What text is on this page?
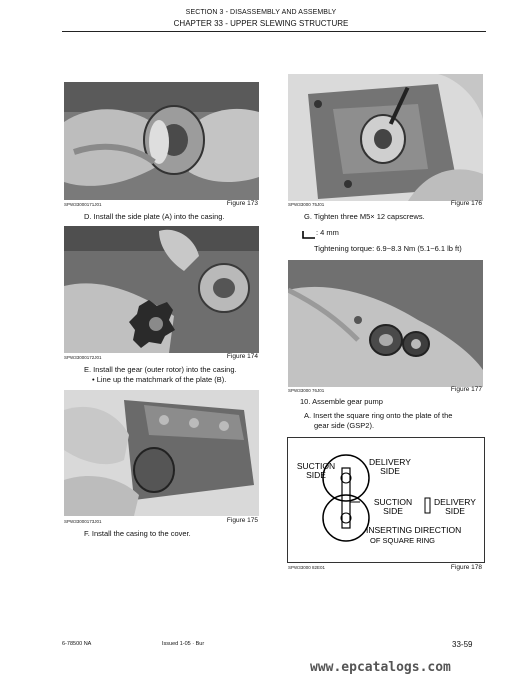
SECTION 3 - DISASSEMBLY AND ASSEMBLY
CHAPTER 33 - UPPER SLEWING STRUCTURE
SPW33000171J01	Figure 173
D. Install the side plate (A) into the casing.
SPW33000172J01	Figure 174
E. Install the gear (outer rotor) into the casing.
• Line up the matchmark of the plate (B).
SPW33000173J01	Figure 175
F. Install the casing to the cover.
SPW33000 75J01	Figure 176
G. Tighten three M5× 12 capscrews.
: 4 mm
Tightening torque: 6.9~8.3 Nm (5.1~6.1 lb ft)
SPW33000 76J01	Figure 177
10. Assemble gear pump
A. Insert the square ring onto the plate of the
gear side (GSP2).
SUCTION
SIDE
DELIVERY
SIDE
SUCTION
SIDE
DELIVERY
SIDE
INSERTING DIRECTION
OF SQUARE RING
SPW33000 82E01	Figure 178
6-78500 NA	Issued 1-05 · Bur	33-59
www.epcatalogs.com
